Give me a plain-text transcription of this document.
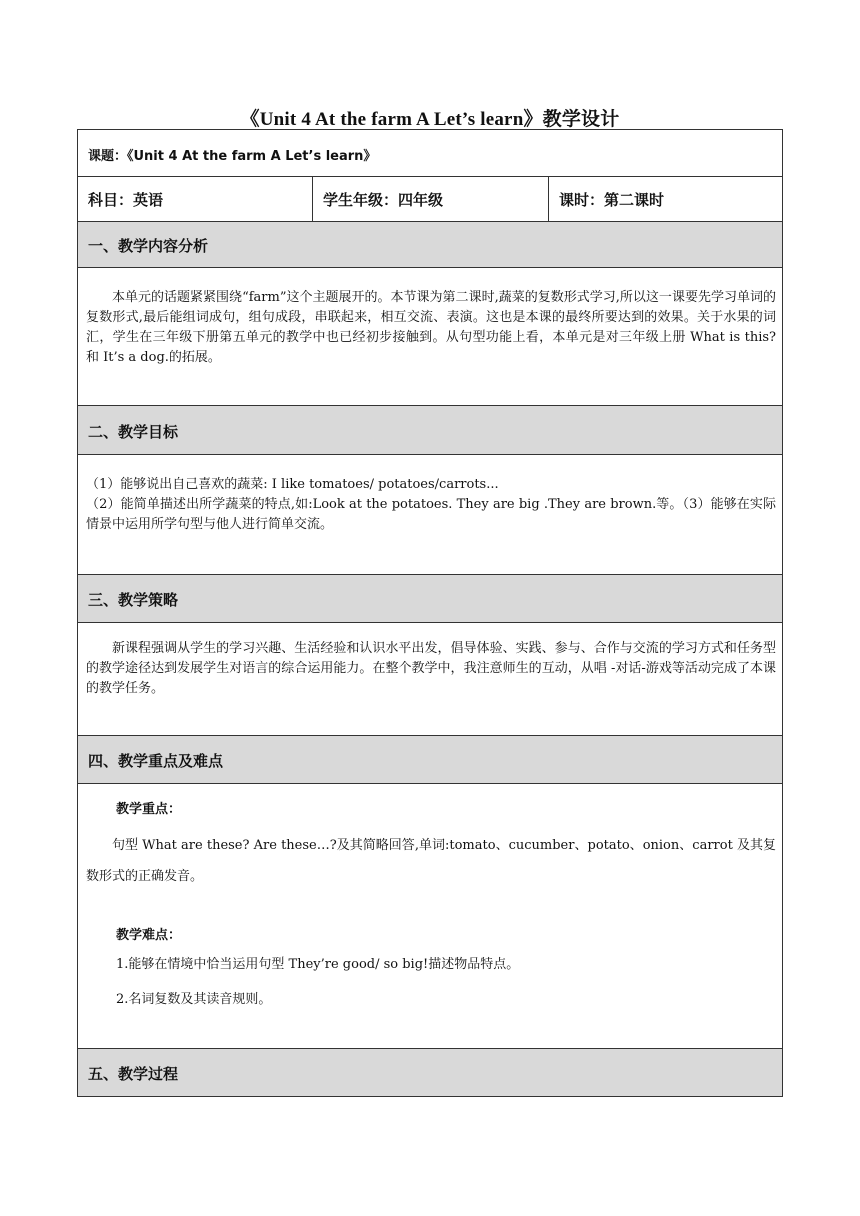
《Unit 4 At the farm A Let’s learn》教学设计
课题：《Unit 4 At the farm A Let’s learn》
科目：英语	学生年级：四年级	课时：第二课时
一、教学内容分析
本单元的话题紧紧围绕“farm”这个主题展开的。本节课为第二课时,蔬菜的复数形式学习,所以这一课要先学习单词的复数形式,最后能组词成句，组句成段，串联起来，相互交流、表演。这也是本课的最终所要达到的效果。关于水果的词汇，学生在三年级下册第五单元的教学中也已经初步接触到。从句型功能上看，本单元是对三年级上册 What is this? 和 It’s a dog.的拓展。
二、教学目标
（1）能够说出自己喜欢的蔬菜: I like tomatoes/ potatoes/carrots...
（2）能简单描述出所学蔬菜的特点,如:Look at the potatoes. They are big .They are brown.等。（3）能够在实际情景中运用所学句型与他人进行简单交流。
三、教学策略
新课程强调从学生的学习兴趣、生活经验和认识水平出发，倡导体验、实践、参与、合作与交流的学习方式和任务型的教学途径达到发展学生对语言的综合运用能力。在整个教学中，我注意师生的互动，从唱 -对话-游戏等活动完成了本课的教学任务。
四、教学重点及难点
教学重点：
句型 What are these? Are these…?及其简略回答,单词:tomato、cucumber、potato、onion、carrot 及其复数形式的正确发音。
教学难点：
1.能够在情境中恰当运用句型 They’re good/ so big!描述物品特点。
2.名词复数及其读音规则。
五、教学过程
